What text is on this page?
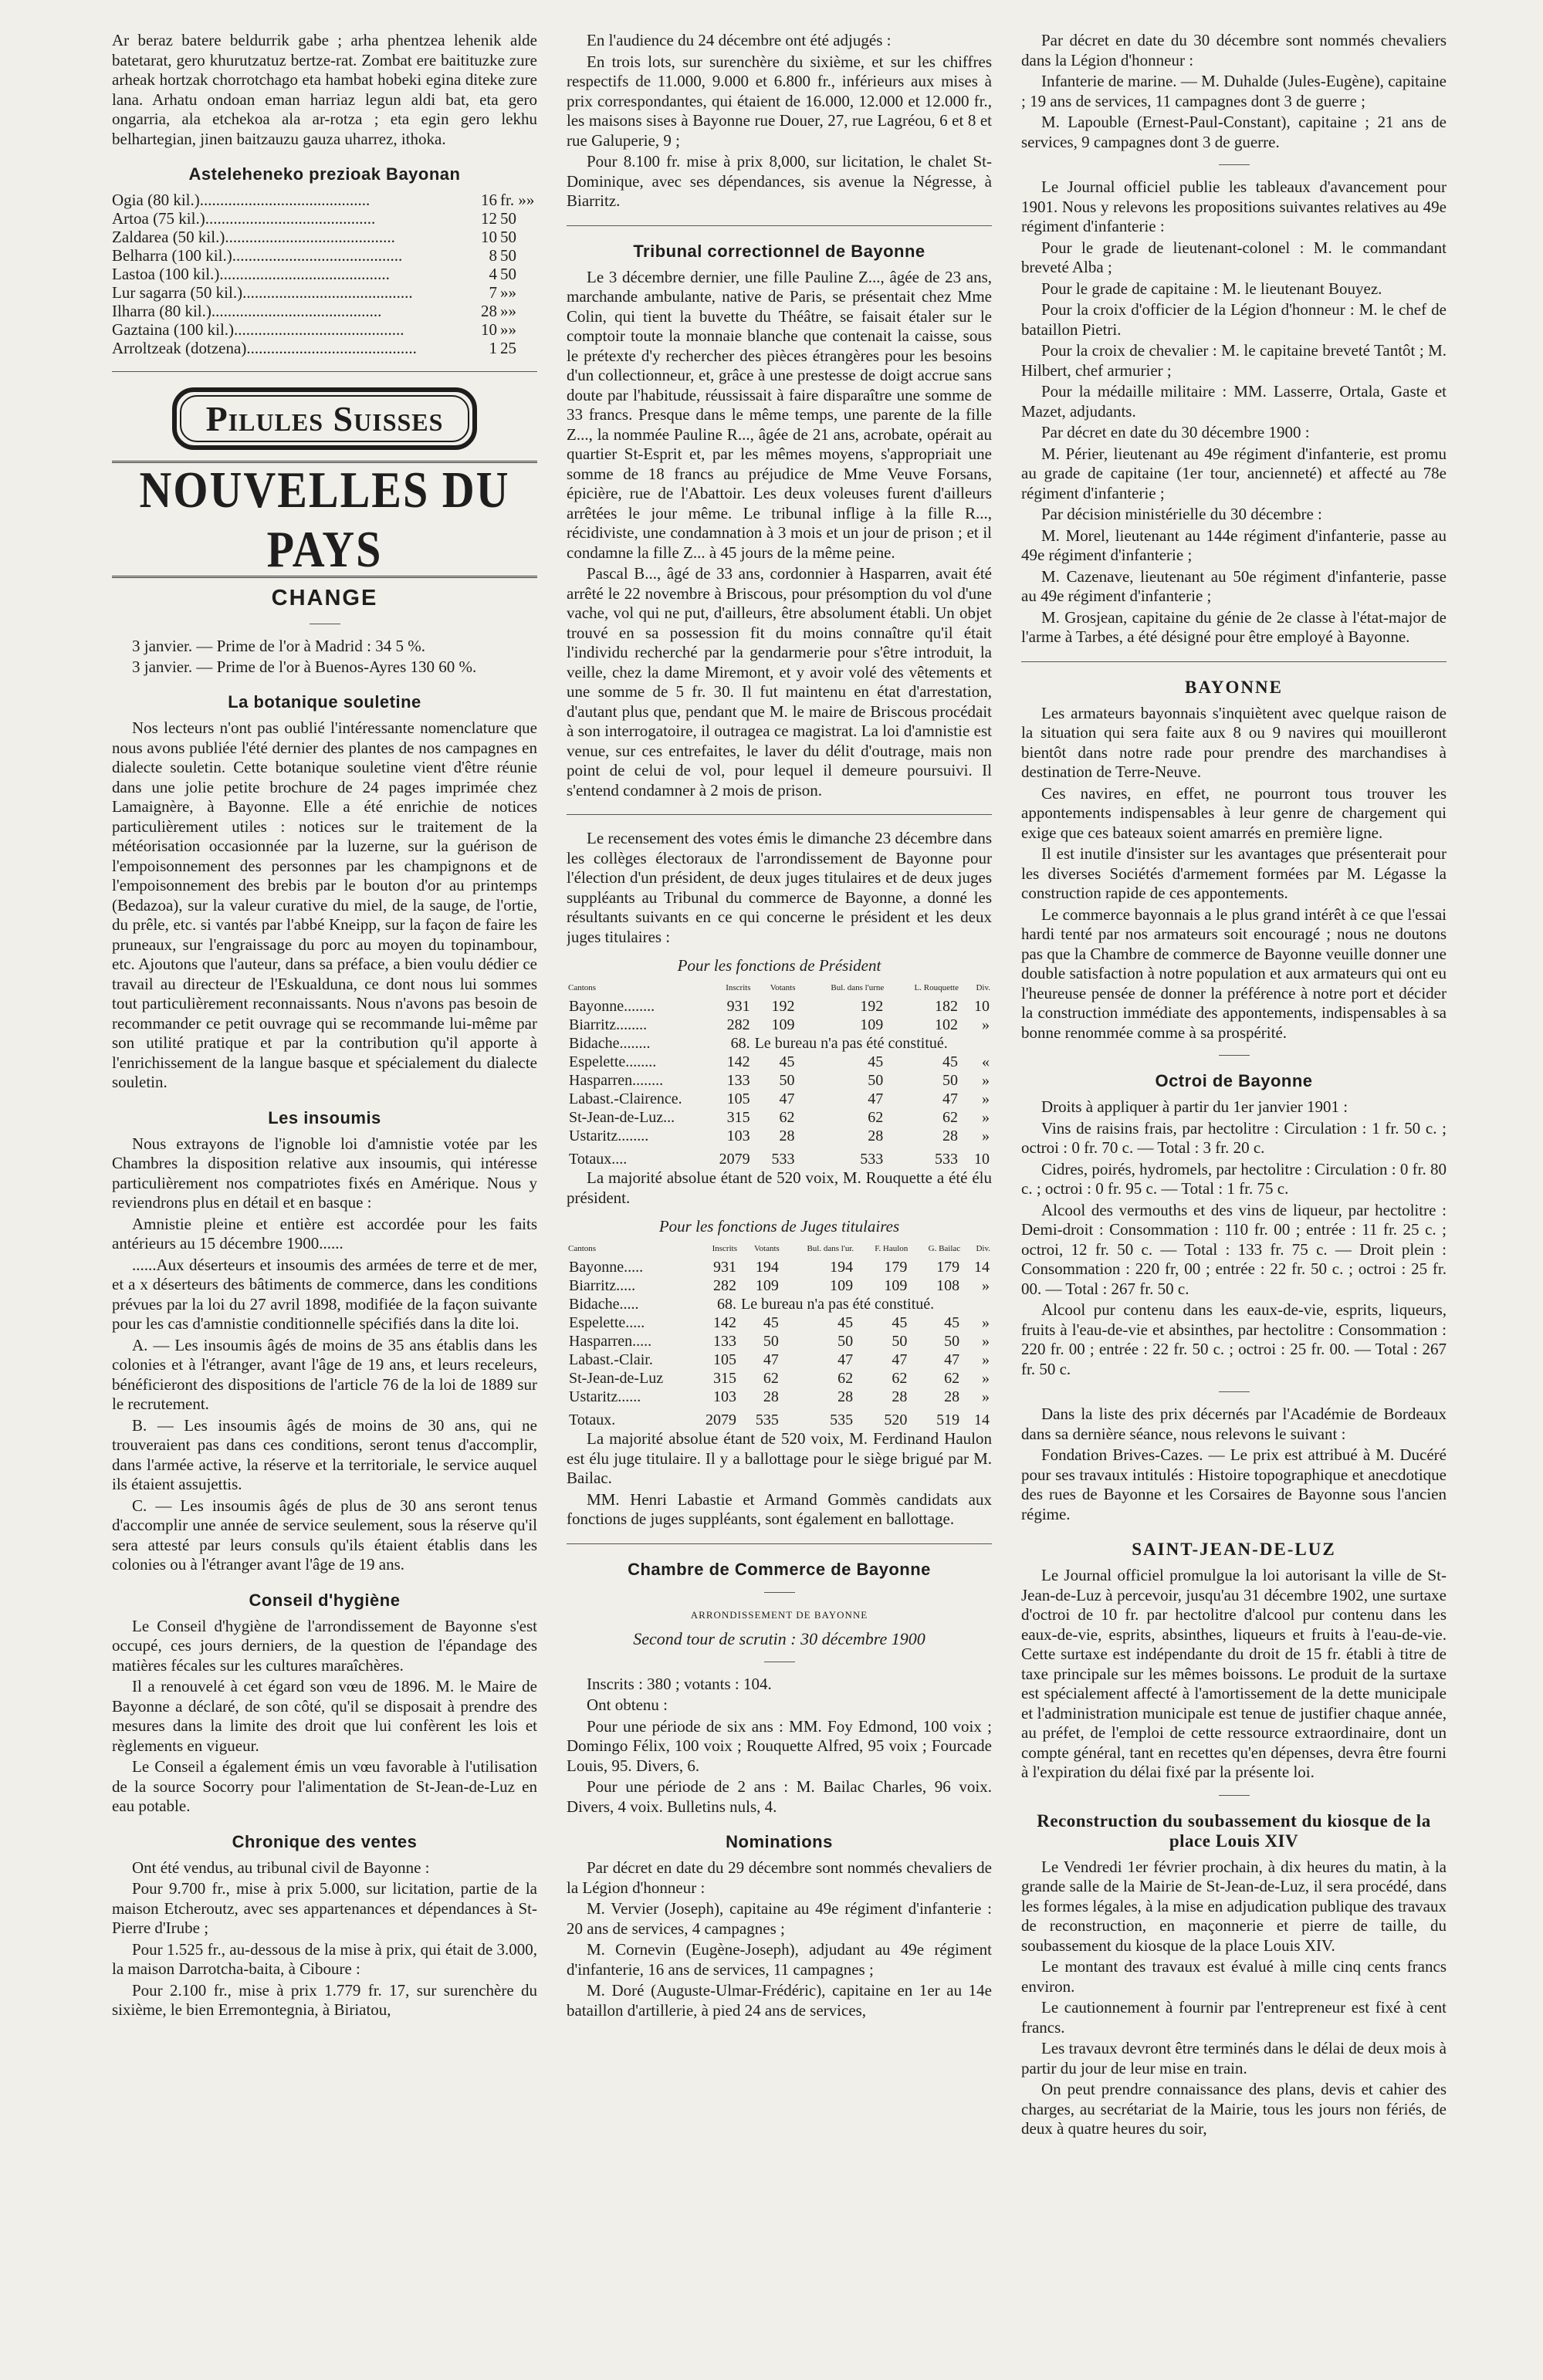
Ar beraz batere beldurrik gabe ; arha phentzea lehenik alde batetarat, gero khurutzatuz bertze-rat. Zombat ere baitituzke zure arheak hortzak chorrotchago eta hambat hobeki egina diteke zure lana. Arhatu ondoan eman harriaz legun aldi bat, eta gero ongarria, ala etchekoa ala ar-rotza ; eta egin gero lekhu belhartegian, jinen baitzauzu gauza uharrez, ithoka.

Asteleheneko prezioak Bayonan
Ogia (80 kil.)..........................................	16	fr. »»
Artoa (75 kil.)..........................................	12	50
Zaldarea (50 kil.)..........................................	10	50
Belharra (100 kil.)..........................................	8	50
Lastoa (100 kil.)..........................................	4	50
Lur sagarra (50 kil.)..........................................	7	»»
Ilharra (80 kil.)..........................................	28	»»
Gaztaina (100 kil.)..........................................	10	»»
Arroltzeak (dotzena)..........................................	1	25
Pilules Suisses
NOUVELLES DU PAYS
CHANGE

3 janvier. — Prime de l'or à Madrid : 34 5 %.

3 janvier. — Prime de l'or à Buenos-Ayres 130 60 %.

La botanique souletine

Nos lecteurs n'ont pas oublié l'intéressante nomenclature que nous avons publiée l'été dernier des plantes de nos campagnes en dialecte souletin. Cette botanique souletine vient d'être réunie dans une jolie petite brochure de 24 pages imprimée chez Lamaignère, à Bayonne. Elle a été enrichie de notices particulièrement utiles : notices sur le traitement de la météorisation occasionnée par la luzerne, sur la guérison de l'empoisonnement des personnes par les champignons et de l'empoisonnement des brebis par le bouton d'or au printemps (Bedazoa), sur la valeur curative du miel, de la sauge, de l'ortie, du prêle, etc. si vantés par l'abbé Kneipp, sur la façon de faire les pruneaux, sur l'engraissage du porc au moyen du topinambour, etc. Ajoutons que l'auteur, dans sa préface, a bien voulu dédier ce travail au directeur de l'Eskualduna, ce dont nous lui sommes tout particulièrement reconnaissants. Nous n'avons pas besoin de recommander ce petit ouvrage qui se recommande lui-même par son utilité pratique et par la contribution qu'il apporte à l'enrichissement de la langue basque et spécialement du dialecte souletin.

Les insoumis

Nous extrayons de l'ignoble loi d'amnistie votée par les Chambres la disposition relative aux insoumis, qui intéresse particulièrement nos compatriotes fixés en Amérique. Nous y reviendrons plus en détail et en basque :

Amnistie pleine et entière est accordée pour les faits antérieurs au 15 décembre 1900......

......Aux déserteurs et insoumis des armées de terre et de mer, et a x déserteurs des bâtiments de commerce, dans les conditions prévues par la loi du 27 avril 1898, modifiée de la façon suivante pour les cas d'amnistie conditionnelle spécifiés dans la dite loi.

A. — Les insoumis âgés de moins de 35 ans établis dans les colonies et à l'étranger, avant l'âge de 19 ans, et leurs receleurs, bénéficieront des dispositions de l'article 76 de la loi de 1889 sur le recrutement.

B. — Les insoumis âgés de moins de 30 ans, qui ne trouveraient pas dans ces conditions, seront tenus d'accomplir, dans l'armée active, la réserve et la territoriale, le service auquel ils étaient assujettis.

C. — Les insoumis âgés de plus de 30 ans seront tenus d'accomplir une année de service seulement, sous la réserve qu'il sera attesté par leurs consuls qu'ils étaient établis dans les colonies ou à l'étranger avant l'âge de 19 ans.

Conseil d'hygiène

Le Conseil d'hygiène de l'arrondissement de Bayonne s'est occupé, ces jours derniers, de la question de l'épandage des matières fécales sur les cultures maraîchères.

Il a renouvelé à cet égard son vœu de 1896. M. le Maire de Bayonne a déclaré, de son côté, qu'il se disposait à prendre des mesures dans la limite des droit que lui confèrent les lois et règlements en vigueur.

Le Conseil a également émis un vœu favorable à l'utilisation de la source Socorry pour l'alimentation de St-Jean-de-Luz en eau potable.

Chronique des ventes

Ont été vendus, au tribunal civil de Bayonne :

Pour 9.700 fr., mise à prix 5.000, sur licitation, partie de la maison Etcheroutz, avec ses appartenances et dépendances à St-Pierre d'Irube ;

Pour 1.525 fr., au-dessous de la mise à prix, qui était de 3.000, la maison Darrotcha-baita, à Ciboure :

Pour 2.100 fr., mise à prix 1.779 fr. 17, sur surenchère du sixième, le bien Erremontegnia, à Biriatou,

En l'audience du 24 décembre ont été adjugés :

En trois lots, sur surenchère du sixième, et sur les chiffres respectifs de 11.000, 9.000 et 6.800 fr., inférieurs aux mises à prix correspondantes, qui étaient de 16.000, 12.000 et 12.000 fr., les maisons sises à Bayonne rue Douer, 27, rue Lagréou, 6 et 8 et rue Galuperie, 9 ;

Pour 8.100 fr. mise à prix 8,000, sur licitation, le chalet St-Dominique, avec ses dépendances, sis avenue la Négresse, à Biarritz.

Tribunal correctionnel de Bayonne

Le 3 décembre dernier, une fille Pauline Z..., âgée de 23 ans, marchande ambulante, native de Paris, se présentait chez Mme Colin, qui tient la buvette du Théâtre, se faisait étaler sur le comptoir toute la monnaie blanche que contenait la caisse, sous le prétexte d'y rechercher des pièces étrangères pour les besoins d'un collectionneur, et, grâce à une prestesse de doigt accrue sans doute par l'habitude, réussissait à faire disparaître une somme de 33 francs. Presque dans le même temps, une parente de la fille Z..., la nommée Pauline R..., âgée de 21 ans, acrobate, opérait au quartier St-Esprit et, par les mêmes moyens, s'appropriait une somme de 18 francs au préjudice de Mme Veuve Forsans, épicière, rue de l'Abattoir. Les deux voleuses furent d'ailleurs arrêtées le jour même. Le tribunal inflige à la fille R..., récidiviste, une condamnation à 3 mois et un jour de prison ; et il condamne la fille Z... à 45 jours de la même peine.

Pascal B..., âgé de 33 ans, cordonnier à Hasparren, avait été arrêté le 22 novembre à Briscous, pour présomption du vol d'une vache, vol qui ne put, d'ailleurs, être absolument établi. Un objet trouvé en sa possession fit du moins connaître qu'il était l'individu recherché par la gendarmerie pour s'être introduit, la veille, chez la dame Miremont, et y avoir volé des vêtements et une somme de 5 fr. 30. Il fut maintenu en état d'arrestation, d'autant plus que, pendant que M. le maire de Briscous procédait à son interrogatoire, il outragea ce magistrat. La loi d'amnistie est venue, sur ces entrefaites, le laver du délit d'outrage, mais non point de celui de vol, pour lequel il demeure poursuivi. Il s'entend condamner à 2 mois de prison.

Le recensement des votes émis le dimanche 23 décembre dans les collèges électoraux de l'arrondissement de Bayonne pour l'élection d'un président, de deux juges titulaires et de deux juges suppléants au Tribunal du commerce de Bayonne, a donné les résultants suivants en ce qui concerne le président et les deux juges titulaires :

Pour les fonctions de Président
Cantons	Inscrits	Votants	Bul. dans l'urne	L. Rouquette	Div.
Bayonne........	931	192	192	182	10
Biarritz........	282	109	109	102	»
Bidache........	68.	Le bureau n'a pas été constitué.			
Espelette........	142	45	45	45	«
Hasparren........	133	50	50	50	»
Labast.-Clairence.	105	47	47	47	»
St-Jean-de-Luz...	315	62	62	62	»
Ustaritz........	103	28	28	28	»
Totaux....	2079	533	533	533	10

La majorité absolue étant de 520 voix, M. Rouquette a été élu président.

Pour les fonctions de Juges titulaires
Cantons	Inscrits	Votants	Bul. dans l'ur.	F. Haulon	G. Bailac	Div.
Bayonne.....	931	194	194	179	179	14
Biarritz.....	282	109	109	109	108	»
Bidache.....	68.	Le bureau n'a pas été constitué.				
Espelette.....	142	45	45	45	45	»
Hasparren.....	133	50	50	50	50	»
Labast.-Clair.	105	47	47	47	47	»
St-Jean-de-Luz	315	62	62	62	62	»
Ustaritz......	103	28	28	28	28	»
Totaux.	2079	535	535	520	519	14

La majorité absolue étant de 520 voix, M. Ferdinand Haulon est élu juge titulaire. Il y a ballottage pour le siège brigué par M. Bailac.

MM. Henri Labastie et Armand Gommès candidats aux fonctions de juges suppléants, sont également en ballottage.

Chambre de Commerce de Bayonne

ARRONDISSEMENT DE BAYONNE

Second tour de scrutin : 30 décembre 1900

Inscrits : 380 ; votants : 104.

Ont obtenu :

Pour une période de six ans : MM. Foy Edmond, 100 voix ; Domingo Félix, 100 voix ; Rouquette Alfred, 95 voix ; Fourcade Louis, 95. Divers, 6.

Pour une période de 2 ans : M. Bailac Charles, 96 voix. Divers, 4 voix. Bulletins nuls, 4.

Nominations

Par décret en date du 29 décembre sont nommés chevaliers de la Légion d'honneur :

M. Vervier (Joseph), capitaine au 49e régiment d'infanterie : 20 ans de services, 4 campagnes ;

M. Cornevin (Eugène-Joseph), adjudant au 49e régiment d'infanterie, 16 ans de services, 11 campagnes ;

M. Doré (Auguste-Ulmar-Frédéric), capitaine en 1er au 14e bataillon d'artillerie, à pied 24 ans de services,

Par décret en date du 30 décembre sont nommés chevaliers dans la Légion d'honneur :

Infanterie de marine. — M. Duhalde (Jules-Eugène), capitaine ; 19 ans de services, 11 campagnes dont 3 de guerre ;

M. Lapouble (Ernest-Paul-Constant), capitaine ; 21 ans de services, 9 campagnes dont 3 de guerre.

Le Journal officiel publie les tableaux d'avancement pour 1901. Nous y relevons les propositions suivantes relatives au 49e régiment d'infanterie :

Pour le grade de lieutenant-colonel : M. le commandant breveté Alba ;

Pour le grade de capitaine : M. le lieutenant Bouyez.

Pour la croix d'officier de la Légion d'honneur : M. le chef de bataillon Pietri.

Pour la croix de chevalier : M. le capitaine breveté Tantôt ; M. Hilbert, chef armurier ;

Pour la médaille militaire : MM. Lasserre, Ortala, Gaste et Mazet, adjudants.

Par décret en date du 30 décembre 1900 :

M. Périer, lieutenant au 49e régiment d'infanterie, est promu au grade de capitaine (1er tour, ancienneté) et affecté au 78e régiment d'infanterie ;

Par décision ministérielle du 30 décembre :

M. Morel, lieutenant au 144e régiment d'infanterie, passe au 49e régiment d'infanterie ;

M. Cazenave, lieutenant au 50e régiment d'infanterie, passe au 49e régiment d'infanterie ;

M. Grosjean, capitaine du génie de 2e classe à l'état-major de l'arme à Tarbes, a été désigné pour être employé à Bayonne.

BAYONNE

Les armateurs bayonnais s'inquiètent avec quelque raison de la situation qui sera faite aux 8 ou 9 navires qui mouilleront bientôt dans notre rade pour prendre des marchandises à destination de Terre-Neuve.

Ces navires, en effet, ne pourront tous trouver les appontements indispensables à leur genre de chargement qui exige que ces bateaux soient amarrés en première ligne.

Il est inutile d'insister sur les avantages que présenterait pour les diverses Sociétés d'armement formées par M. Légasse la construction rapide de ces appontements.

Le commerce bayonnais a le plus grand intérêt à ce que l'essai hardi tenté par nos armateurs soit encouragé ; nous ne doutons pas que la Chambre de commerce de Bayonne veuille donner une double satisfaction à notre population et aux armateurs qui ont eu l'heureuse pensée de donner la préférence à notre port et décider la construction immédiate des appontements, indispensables à sa bonne renommée comme à sa prospérité.

Octroi de Bayonne

Droits à appliquer à partir du 1er janvier 1901 :

Vins de raisins frais, par hectolitre : Circulation : 1 fr. 50 c. ; octroi : 0 fr. 70 c. — Total : 3 fr. 20 c.

Cidres, poirés, hydromels, par hectolitre : Circulation : 0 fr. 80 c. ; octroi : 0 fr. 95 c. — Total : 1 fr. 75 c.

Alcool des vermouths et des vins de liqueur, par hectolitre : Demi-droit : Consommation : 110 fr. 00 ; entrée : 11 fr. 25 c. ; octroi, 12 fr. 50 c. — Total : 133 fr. 75 c. — Droit plein : Consommation : 220 fr, 00 ; entrée : 22 fr. 50 c. ; octroi : 25 fr. 00. — Total : 267 fr. 50 c.

Alcool pur contenu dans les eaux-de-vie, esprits, liqueurs, fruits à l'eau-de-vie et absinthes, par hectolitre : Consommation : 220 fr. 00 ; entrée : 22 fr. 50 c. ; octroi : 25 fr. 00. — Total : 267 fr. 50 c.

Dans la liste des prix décernés par l'Académie de Bordeaux dans sa dernière séance, nous relevons le suivant :

Fondation Brives-Cazes. — Le prix est attribué à M. Ducéré pour ses travaux intitulés : Histoire topographique et anecdotique des rues de Bayonne et les Corsaires de Bayonne sous l'ancien régime.

SAINT-JEAN-DE-LUZ

Le Journal officiel promulgue la loi autorisant la ville de St-Jean-de-Luz à percevoir, jusqu'au 31 décembre 1902, une surtaxe d'octroi de 10 fr. par hectolitre d'alcool pur contenu dans les eaux-de-vie, esprits, absinthes, liqueurs et fruits à l'eau-de-vie. Cette surtaxe est indépendante du droit de 15 fr. établi à titre de taxe principale sur les mêmes boissons. Le produit de la surtaxe est spécialement affecté à l'amortissement de la dette municipale et l'administration municipale est tenue de justifier chaque année, au préfet, de l'emploi de cette ressource extraordinaire, dont un compte général, tant en recettes qu'en dépenses, devra être fourni à l'expiration du délai fixé par la présente loi.

Reconstruction du soubassement du kiosque de la place Louis XIV

Le Vendredi 1er février prochain, à dix heures du matin, à la grande salle de la Mairie de St-Jean-de-Luz, il sera procédé, dans les formes légales, à la mise en adjudication publique des travaux de reconstruction, en maçonnerie et pierre de taille, du soubassement du kiosque de la place Louis XIV.

Le montant des travaux est évalué à mille cinq cents francs environ.

Le cautionnement à fournir par l'entrepreneur est fixé à cent francs.

Les travaux devront être terminés dans le délai de deux mois à partir du jour de leur mise en train.

On peut prendre connaissance des plans, devis et cahier des charges, au secrétariat de la Mairie, tous les jours non fériés, de deux à quatre heures du soir,
